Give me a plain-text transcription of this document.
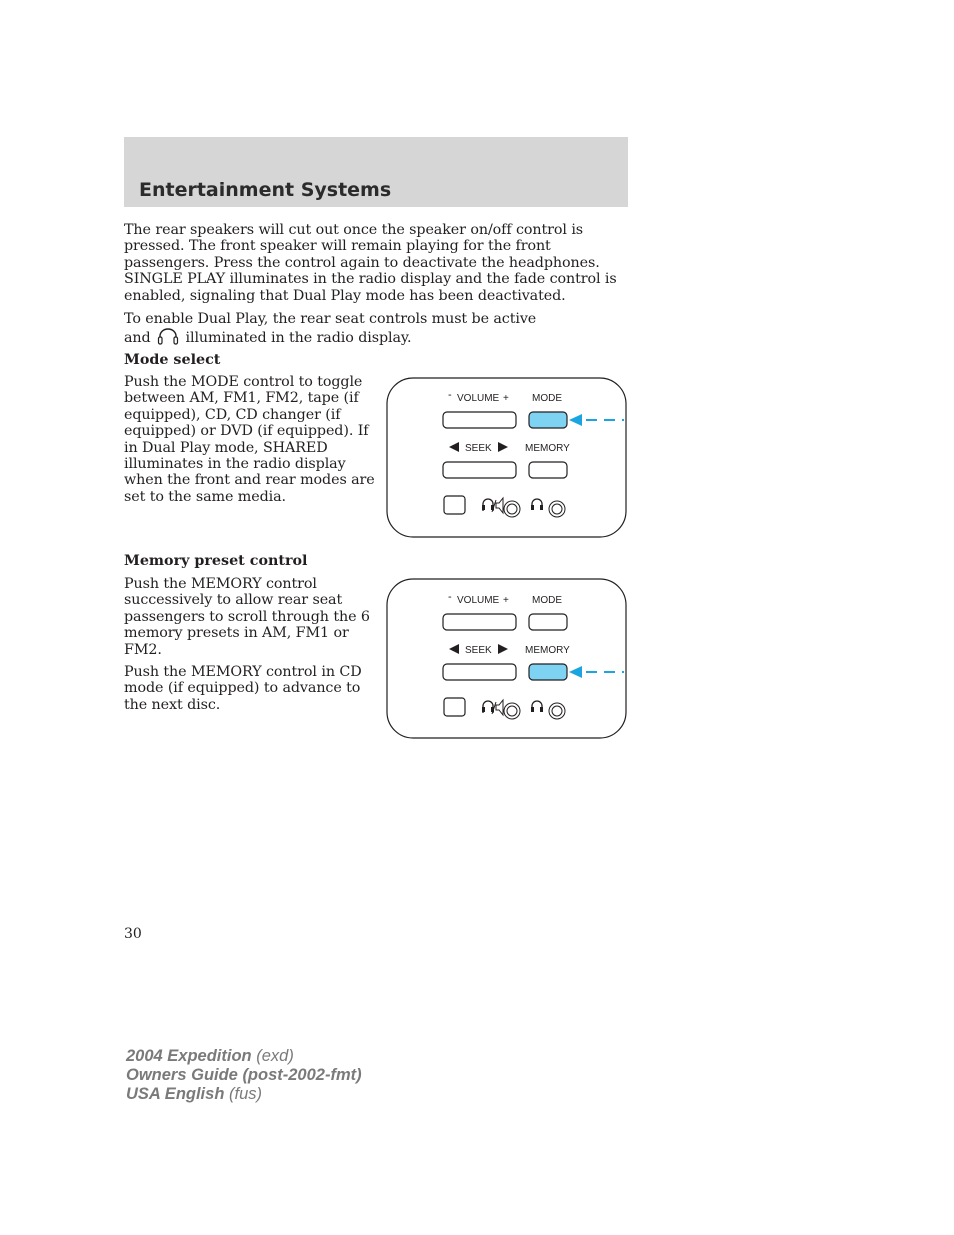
Entertainment Systems

The rear speakers will cut out once the speaker on/off control is pressed. The front speaker will remain playing for the front passengers. Press the control again to deactivate the headphones. SINGLE PLAY illuminates in the radio display and the fade control is enabled, signaling that Dual Play mode has been deactivated.

To enable Dual Play, the rear seat controls must be active
and illuminated in the radio display.
Mode select

Push the MODE control to toggle between AM, FM1, FM2, tape (if equipped), CD, CD changer (if equipped) or DVD (if equipped). If in Dual Play mode, SHARED illuminates in the radio display when the front and rear modes are set to the same media.

- VOLUME + MODE
SEEK	MEMORY
Memory preset control

Push the MEMORY control successively to allow rear seat passengers to scroll through the 6 memory presets in AM, FM1 or FM2.

Push the MEMORY control in CD mode (if equipped) to advance to the next disc.

- VOLUME + MODE
SEEK	MEMORY

30

2004 Expedition (exd)
Owners Guide (post-2002-fmt)
USA English (fus)
